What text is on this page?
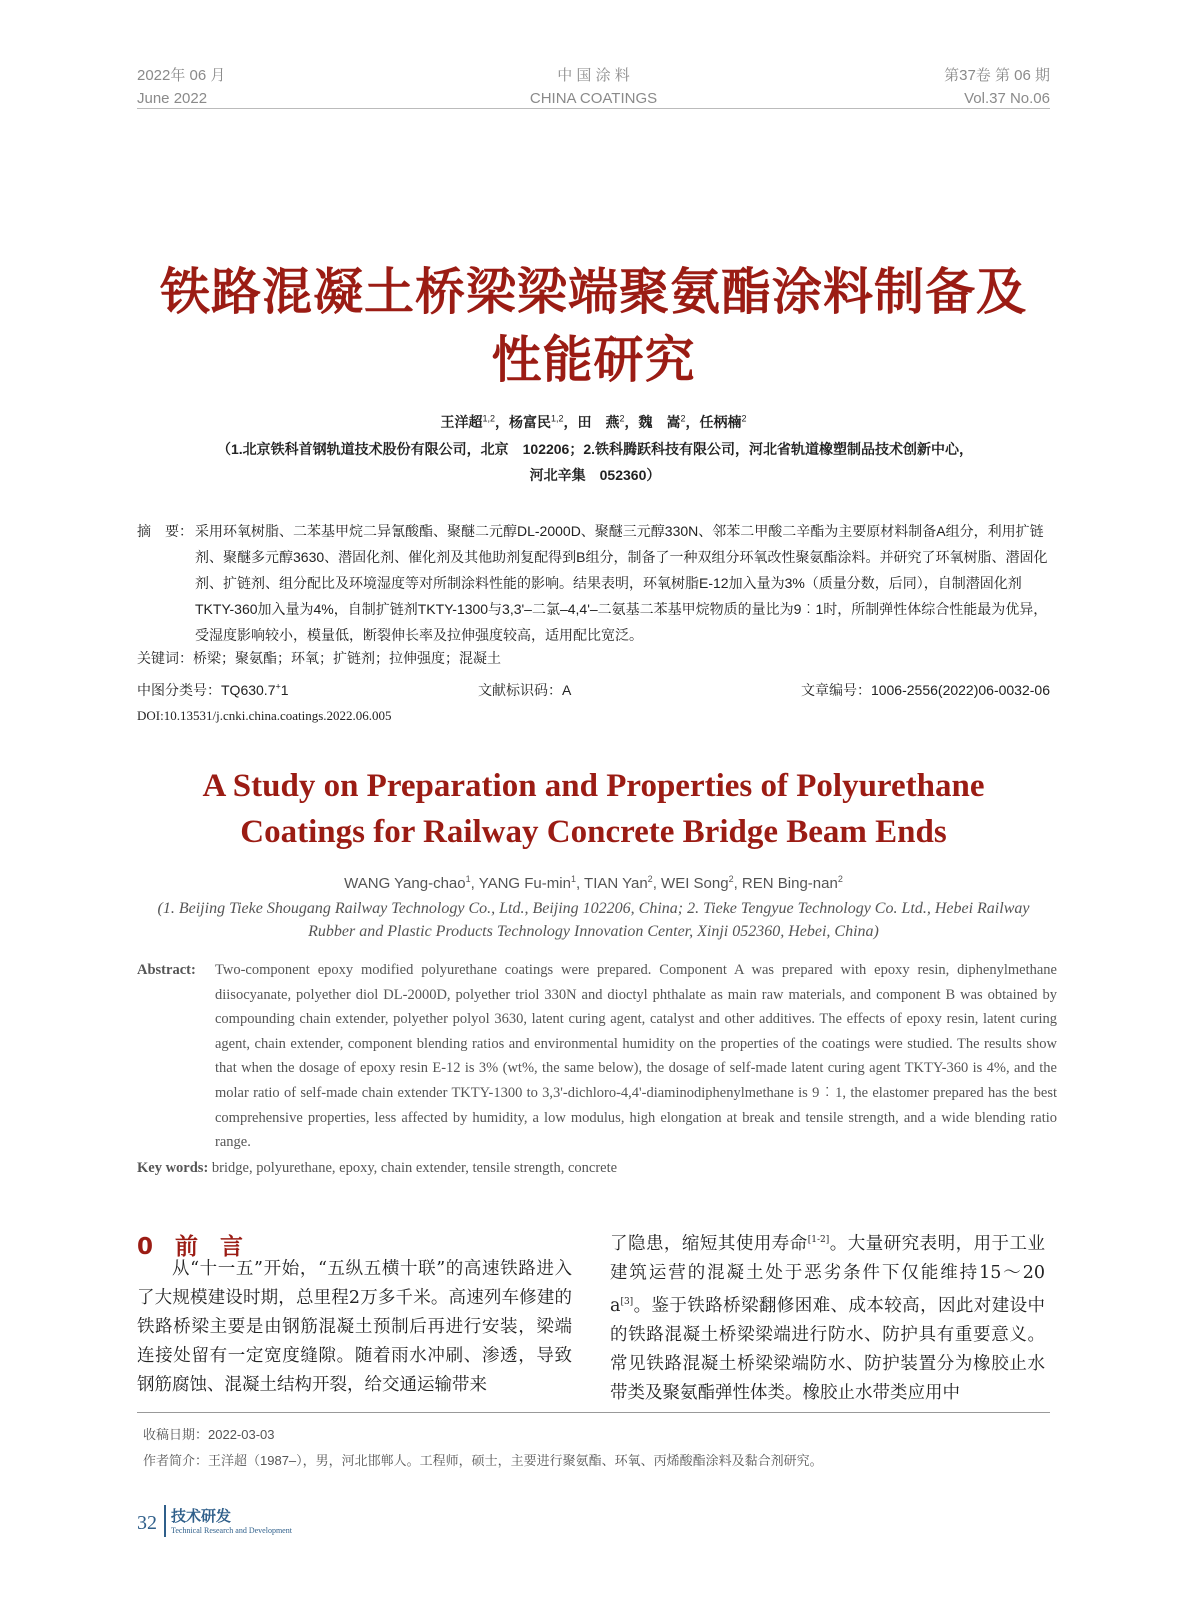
2022年 06 月
June 2022
中 国 涂 料
CHINA COATINGS
第37卷 第 06 期
Vol.37 No.06
铁路混凝土桥梁梁端聚氨酯涂料制备及
性能研究
王洋超$^{1,2}$，杨富民$^{1,2}$，田　燕$^2$，魏　嵩$^2$，任柄楠$^2$
（1.北京铁科首钢轨道技术股份有限公司，北京　102206；2.铁科腾跃科技有限公司，河北省轨道橡塑制品技术创新中心，
河北辛集　052360）
摘　要： 采用环氧树脂、二苯基甲烷二异氰酸酯、聚醚二元醇DL-2000D、聚醚三元醇330N、邻苯二甲酸二辛酯为主要原材料制备A组分，利用扩链剂、聚醚多元醇3630、潜固化剂、催化剂及其他助剂复配得到B组分，制备了一种双组分环氧改性聚氨酯涂料。并研究了环氧树脂、潜固化剂、扩链剂、组分配比及环境湿度等对所制涂料性能的影响。结果表明，环氧树脂E-12加入量为3%（质量分数，后同），自制潜固化剂TKTY-360加入量为4%，自制扩链剂TKTY-1300与3,3'–二氯–4,4'–二氨基二苯基甲烷物质的量比为9︰1时，所制弹性体综合性能最为优异，受湿度影响较小，模量低，断裂伸长率及拉伸强度较高，适用配比宽泛。
关键词：桥梁；聚氨酯；环氧；扩链剂；拉伸强度；混凝土
中图分类号：TQ630.7+1	文献标识码：A	文章编号：1006-2556(2022)06-0032-06
DOI:10.13531/j.cnki.china.coatings.2022.06.005
A Study on Preparation and Properties of Polyurethane
Coatings for Railway Concrete Bridge Beam Ends
WANG Yang-chao$^1$, YANG $Fu-\min^1$, TIAN Yan$^2$, WEI Song$^2$, REN Bing-nan$^2$
(1. Beijing Tieke Shougang Railway Technology Co., Ltd., Beijing 102206, China; 2. Tieke Tengyue Technology Co. Ltd., Hebei Railway Rubber and Plastic Products Technology Innovation Center, Xinji 052360, Hebei, China)
Abstract:	Two-component epoxy modified polyurethane coatings were prepared. Component A was prepared with epoxy resin, diphenylmethane diisocyanate, polyether diol DL-2000D, polyether triol 330N and dioctyl phthalate as main raw materials, and component B was obtained by compounding chain extender, polyether polyol 3630, latent curing agent, catalyst and other additives. The effects of epoxy resin, latent curing agent, chain extender, component blending ratios and environmental humidity on the properties of the coatings were studied. The results show that when the dosage of epoxy resin E-12 is 3% (wt%, the same below), the dosage of self-made latent curing agent TKTY-360 is 4%, and the molar ratio of self-made chain extender TKTY-1300 to 3,3'-dichloro-4,4'-diaminodiphenylmethane is 9︰1, the elastomer prepared has the best comprehensive properties, less affected by humidity, a low modulus, high elongation at break and tensile strength, and a wide blending ratio range.
Key words: bridge, polyurethane, epoxy, chain extender, tensile strength, concrete
0 前 言
从“十一五”开始，“五纵五横十联”的高速铁路进入了大规模建设时期，总里程2万多千米。高速列车修建的铁路桥梁主要是由钢筋混凝土预制后再进行安装，梁端连接处留有一定宽度缝隙。随着雨水冲刷、渗透，导致钢筋腐蚀、混凝土结构开裂，给交通运输带来
了隐患，缩短其使用寿命[1-2]。大量研究表明，用于工业建筑运营的混凝土处于恶劣条件下仅能维持15～20 a[3]。鉴于铁路桥梁翻修困难、成本较高，因此对建设中的铁路混凝土桥梁梁端进行防水、防护具有重要意义。常见铁路混凝土桥梁梁端防水、防护装置分为橡胶止水带类及聚氨酯弹性体类。橡胶止水带类应用中
收稿日期：2022-03-03
作者简介：王洋超（1987–），男，河北邯郸人。工程师，硕士，主要进行聚氨酯、环氧、丙烯酸酯涂料及黏合剂研究。
32 技术研发
Technical Research and Development
